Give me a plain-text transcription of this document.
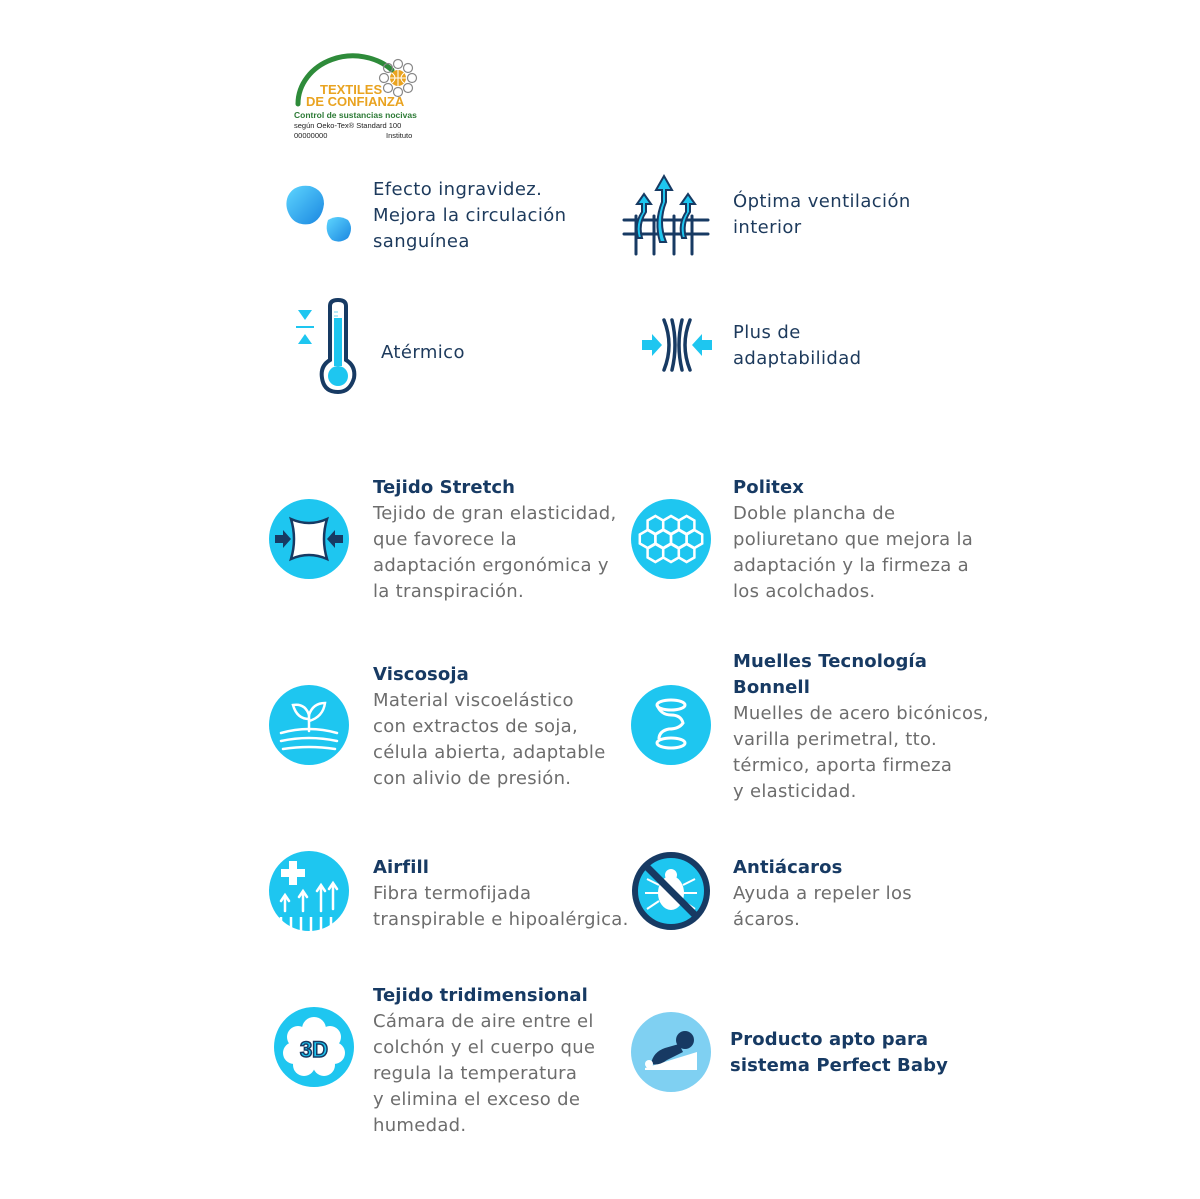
TEXTILES
DE CONFIANZA
Control de sustancias nocivas
según Oeko-Tex® Standard 100
00000000	Instituto
Efecto ingravidez.
Mejora la circulación
sanguínea
Óptima ventilación
interior
Atérmico
Plus de
adaptabilidad
Tejido Stretch
Tejido de gran elasticidad,
que favorece la
adaptación ergonómica y
la transpiración.
Politex
Doble plancha de
poliuretano que mejora la
adaptación y la firmeza a
los acolchados.
Viscosoja
Material viscoelástico
con extractos de soja,
célula abierta, adaptable
con alivio de presión.
Muelles Tecnología
Bonnell
Muelles de acero bicónicos,
varilla perimetral, tto.
térmico, aporta firmeza
y elasticidad.
Airfill
Fibra termofijada
transpirable e hipoalérgica.
Antiácaros
Ayuda a repeler los
ácaros.
3D
Tejido tridimensional
Cámara de aire entre el
colchón y el cuerpo que
regula la temperatura
y elimina el exceso de
humedad.
Producto apto para
sistema Perfect Baby
